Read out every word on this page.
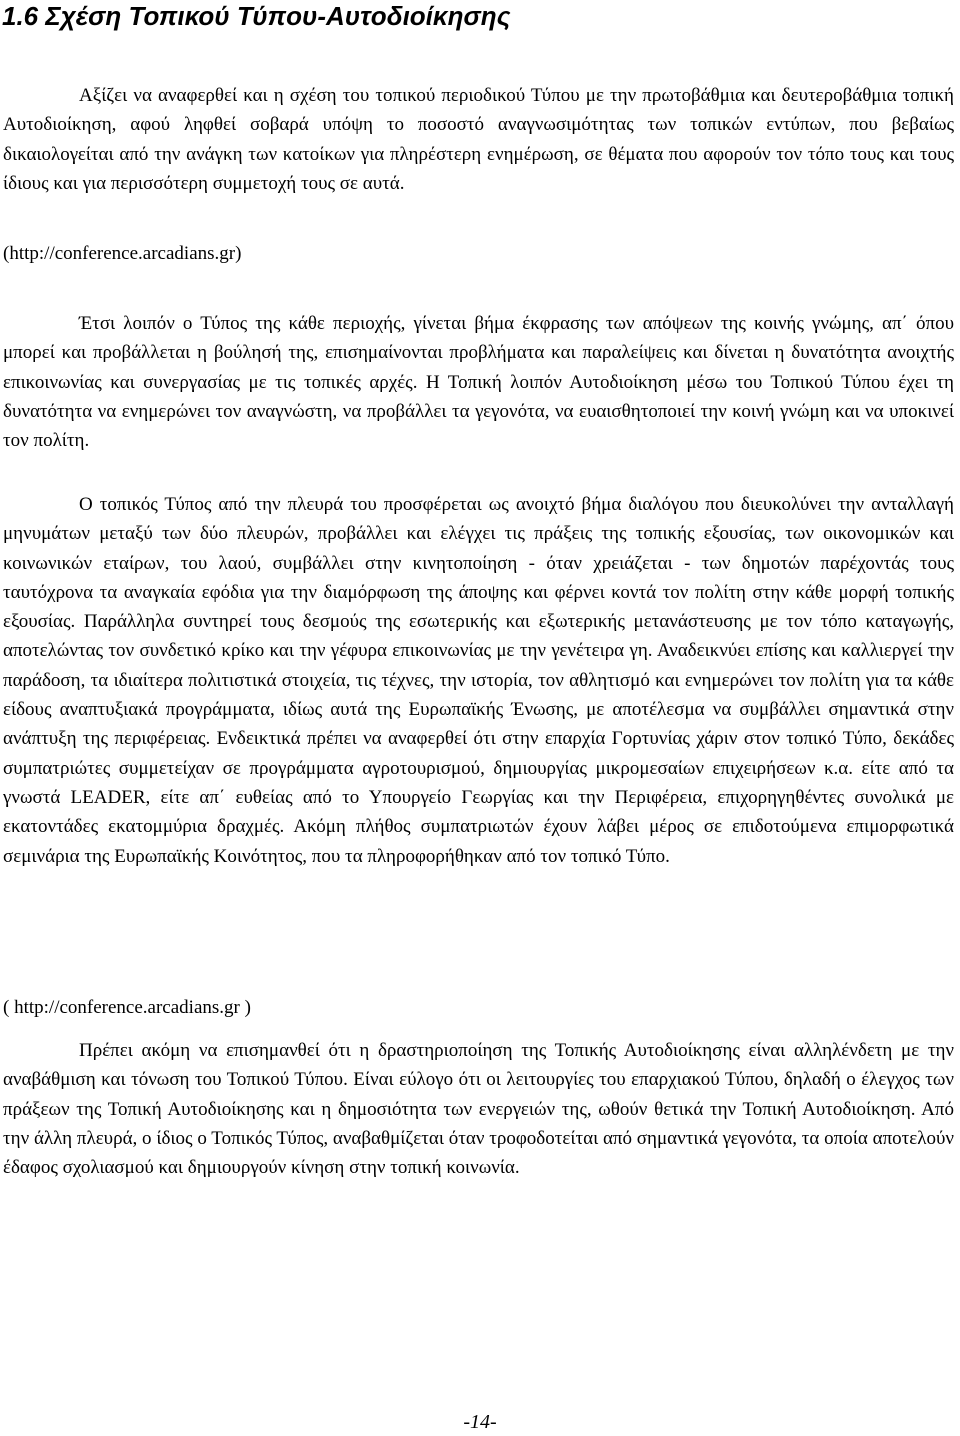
1.6 Σχέση Τοπικού Τύπου-Αυτοδιοίκησης

Αξίζει να αναφερθεί και η σχέση του τοπικού περιοδικού Τύπου με την πρωτοβάθμια και δευτεροβάθμια τοπική Αυτοδιοίκηση, αφού ληφθεί σοβαρά υπόψη το ποσοστό αναγνωσιμότητας των τοπικών εντύπων, που βεβαίως δικαιολογείται από την ανάγκη των κατοίκων για πληρέστερη ενημέρωση, σε θέματα που αφορούν τον τόπο τους και τους ίδιους και για περισσότερη συμμετοχή τους σε αυτά.

(http://conference.arcadians.gr)

Έτσι λοιπόν ο Τύπος της κάθε περιοχής, γίνεται βήμα έκφρασης των απόψεων της κοινής γνώμης, απ΄ όπου μπορεί και προβάλλεται η βούλησή της, επισημαίνονται προβλήματα και παραλείψεις και δίνεται η δυνατότητα ανοιχτής επικοινωνίας και συνεργασίας με τις τοπικές αρχές. Η Τοπική λοιπόν Αυτοδιοίκηση μέσω του Τοπικού Τύπου έχει τη δυνατότητα να ενημερώνει τον αναγνώστη, να προβάλλει τα γεγονότα, να ευαισθητοποιεί την κοινή γνώμη και να υποκινεί τον πολίτη.

Ο τοπικός Τύπος από την πλευρά του προσφέρεται ως ανοιχτό βήμα διαλόγου που διευκολύνει την ανταλλαγή μηνυμάτων μεταξύ των δύο πλευρών, προβάλλει και ελέγχει τις πράξεις της τοπικής εξουσίας, των οικονομικών και κοινωνικών εταίρων, του λαού, συμβάλλει στην κινητοποίηση - όταν χρειάζεται - των δημοτών παρέχοντάς τους ταυτόχρονα τα αναγκαία εφόδια για την διαμόρφωση της άποψης και φέρνει κοντά τον πολίτη στην κάθε μορφή τοπικής εξουσίας. Παράλληλα συντηρεί τους δεσμούς της εσωτερικής και εξωτερικής μετανάστευσης με τον τόπο καταγωγής, αποτελώντας τον συνδετικό κρίκο και την γέφυρα επικοινωνίας με την γενέτειρα γη. Αναδεικνύει επίσης και καλλιεργεί την παράδοση, τα ιδιαίτερα πολιτιστικά στοιχεία, τις τέχνες, την ιστορία, τον αθλητισμό και ενημερώνει τον πολίτη για τα κάθε είδους αναπτυξιακά προγράμματα, ιδίως αυτά της Ευρωπαϊκής Ένωσης, με αποτέλεσμα να συμβάλλει σημαντικά στην ανάπτυξη της περιφέρειας. Ενδεικτικά πρέπει να αναφερθεί ότι στην επαρχία Γορτυνίας χάριν στον τοπικό Τύπο, δεκάδες συμπατριώτες συμμετείχαν σε προγράμματα αγροτουρισμού, δημιουργίας μικρομεσαίων επιχειρήσεων κ.α. είτε από τα γνωστά LEADER, είτε απ΄ ευθείας από το Υπουργείο Γεωργίας και την Περιφέρεια, επιχορηγηθέντες συνολικά με εκατοντάδες εκατομμύρια δραχμές. Ακόμη πλήθος συμπατριωτών έχουν λάβει μέρος σε επιδοτούμενα επιμορφωτικά σεμινάρια της Ευρωπαϊκής Κοινότητος, που τα πληροφορήθηκαν από τον τοπικό Τύπο.

( http://conference.arcadians.gr )

Πρέπει ακόμη να επισημανθεί ότι η δραστηριοποίηση της Τοπικής Αυτοδιοίκησης είναι αλληλένδετη με την αναβάθμιση και τόνωση του Τοπικού Τύπου. Είναι εύλογο ότι οι λειτουργίες του επαρχιακού Τύπου, δηλαδή ο έλεγχος των πράξεων της Τοπική Αυτοδιοίκησης και η δημοσιότητα των ενεργειών της, ωθούν θετικά την Τοπική Αυτοδιοίκηση. Από την άλλη πλευρά, ο ίδιος ο Τοπικός Τύπος, αναβαθμίζεται όταν τροφοδοτείται από σημαντικά γεγονότα, τα οποία αποτελούν έδαφος σχολιασμού και δημιουργούν κίνηση στην τοπική κοινωνία.

-14-
